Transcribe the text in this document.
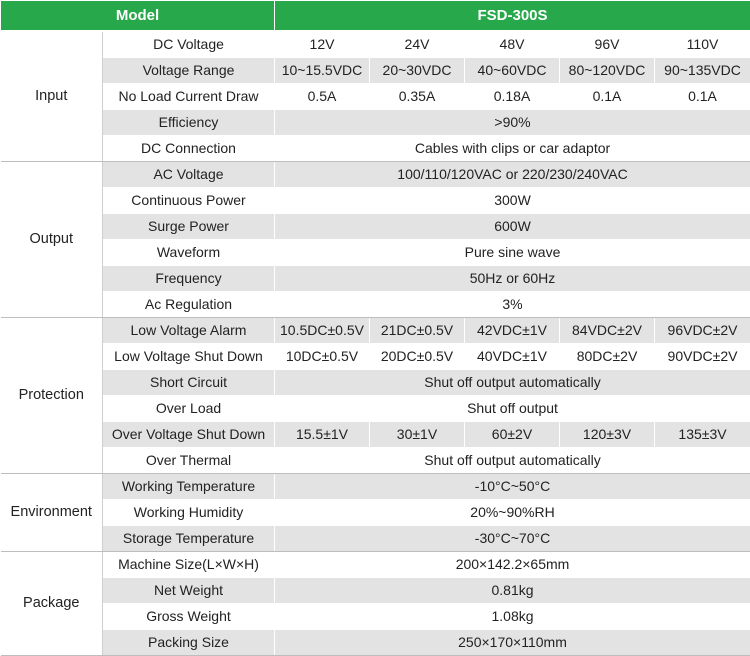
Model		FSD-300S				
Input	DC Voltage	12V	24V	48V	96V	110V
	Voltage Range	10~15.5VDC	20~30VDC	40~60VDC	80~120VDC	90~135VDC
	No Load Current Draw	0.5A	0.35A	0.18A	0.1A	0.1A
	Efficiency	>90%				
	DC Connection	Cables with clips or car adaptor				
Output	AC Voltage	100/110/120VAC or 220/230/240VAC				
	Continuous Power	300W				
	Surge Power	600W				
	Waveform	Pure sine wave				
	Frequency	50Hz or 60Hz				
	Ac Regulation	3%				
Protection	Low Voltage Alarm	10.5DC±0.5V	21DC±0.5V	42VDC±1V	84VDC±2V	96VDC±2V
	Low Voltage Shut Down	10DC±0.5V	20DC±0.5V	40VDC±1V	80DC±2V	90VDC±2V
	Short Circuit	Shut off output automatically				
	Over Load	Shut off output				
	Over Voltage Shut Down	15.5±1V	30±1V	60±2V	120±3V	135±3V
	Over Thermal	Shut off output automatically				
Environment	Working Temperature	-10°C~50°C				
	Working Humidity	20%~90%RH				
	Storage Temperature	-30°C~70°C				
Package	Machine Size(L×W×H)	200×142.2×65mm				
	Net Weight	0.81kg				
	Gross Weight	1.08kg				
	Packing Size	250×170×110mm				
